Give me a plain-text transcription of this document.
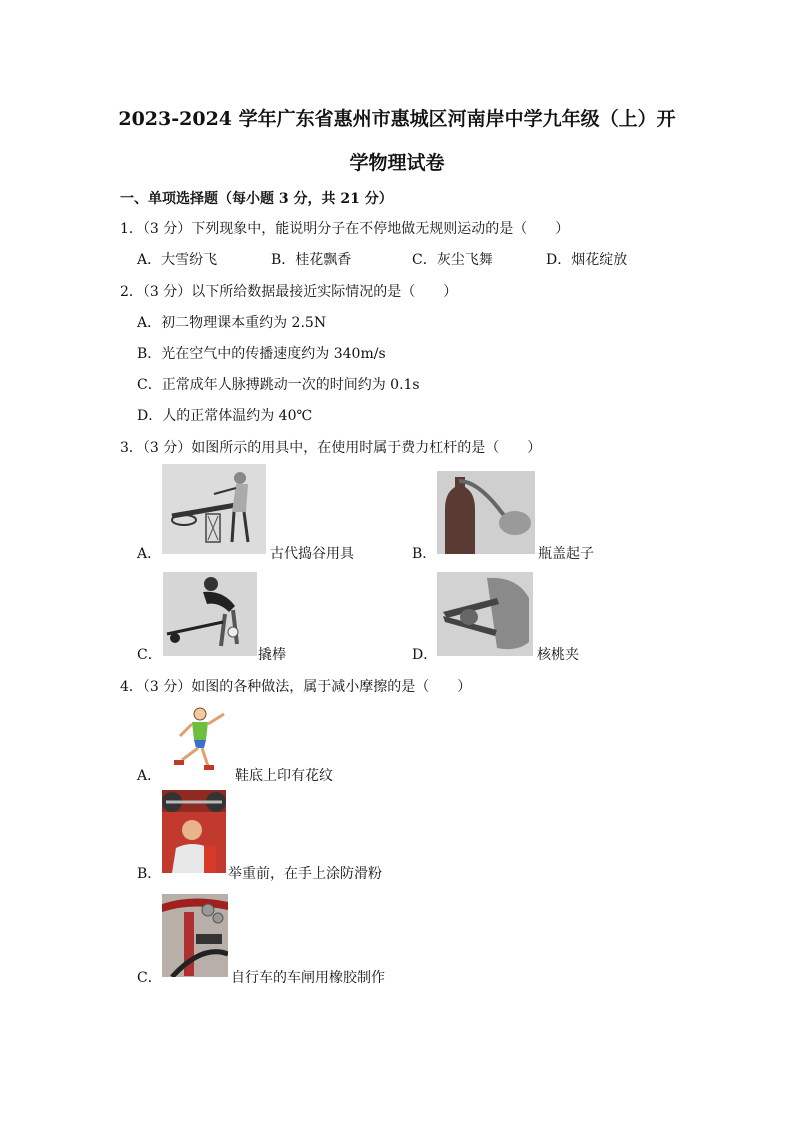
2023-2024 学年广东省惠州市惠城区河南岸中学九年级（上）开
学物理试卷
一、单项选择题（每小题 3 分，共 21 分）
1．（3 分）下列现象中，能说明分子在不停地做无规则运动的是（　　）
A．大雪纷飞	B．桂花飘香	C．灰尘飞舞	D．烟花绽放
2．（3 分）以下所给数据最接近实际情况的是（　　）
A．初二物理课本重约为 2.5N
B．光在空气中的传播速度约为 340m/s
C．正常成年人脉搏跳动一次的时间约为 0.1s
D．人的正常体温约为 40℃
3．（3 分）如图所示的用具中，在使用时属于费力杠杆的是（　　）
A．	古代捣谷用具	B．	瓶盖起子
C．	撬棒	D．	核桃夹
4．（3 分）如图的各种做法，属于减小摩擦的是（　　）
A．	鞋底上印有花纹
B．	举重前，在手上涂防滑粉
C．	自行车的车闸用橡胶制作
